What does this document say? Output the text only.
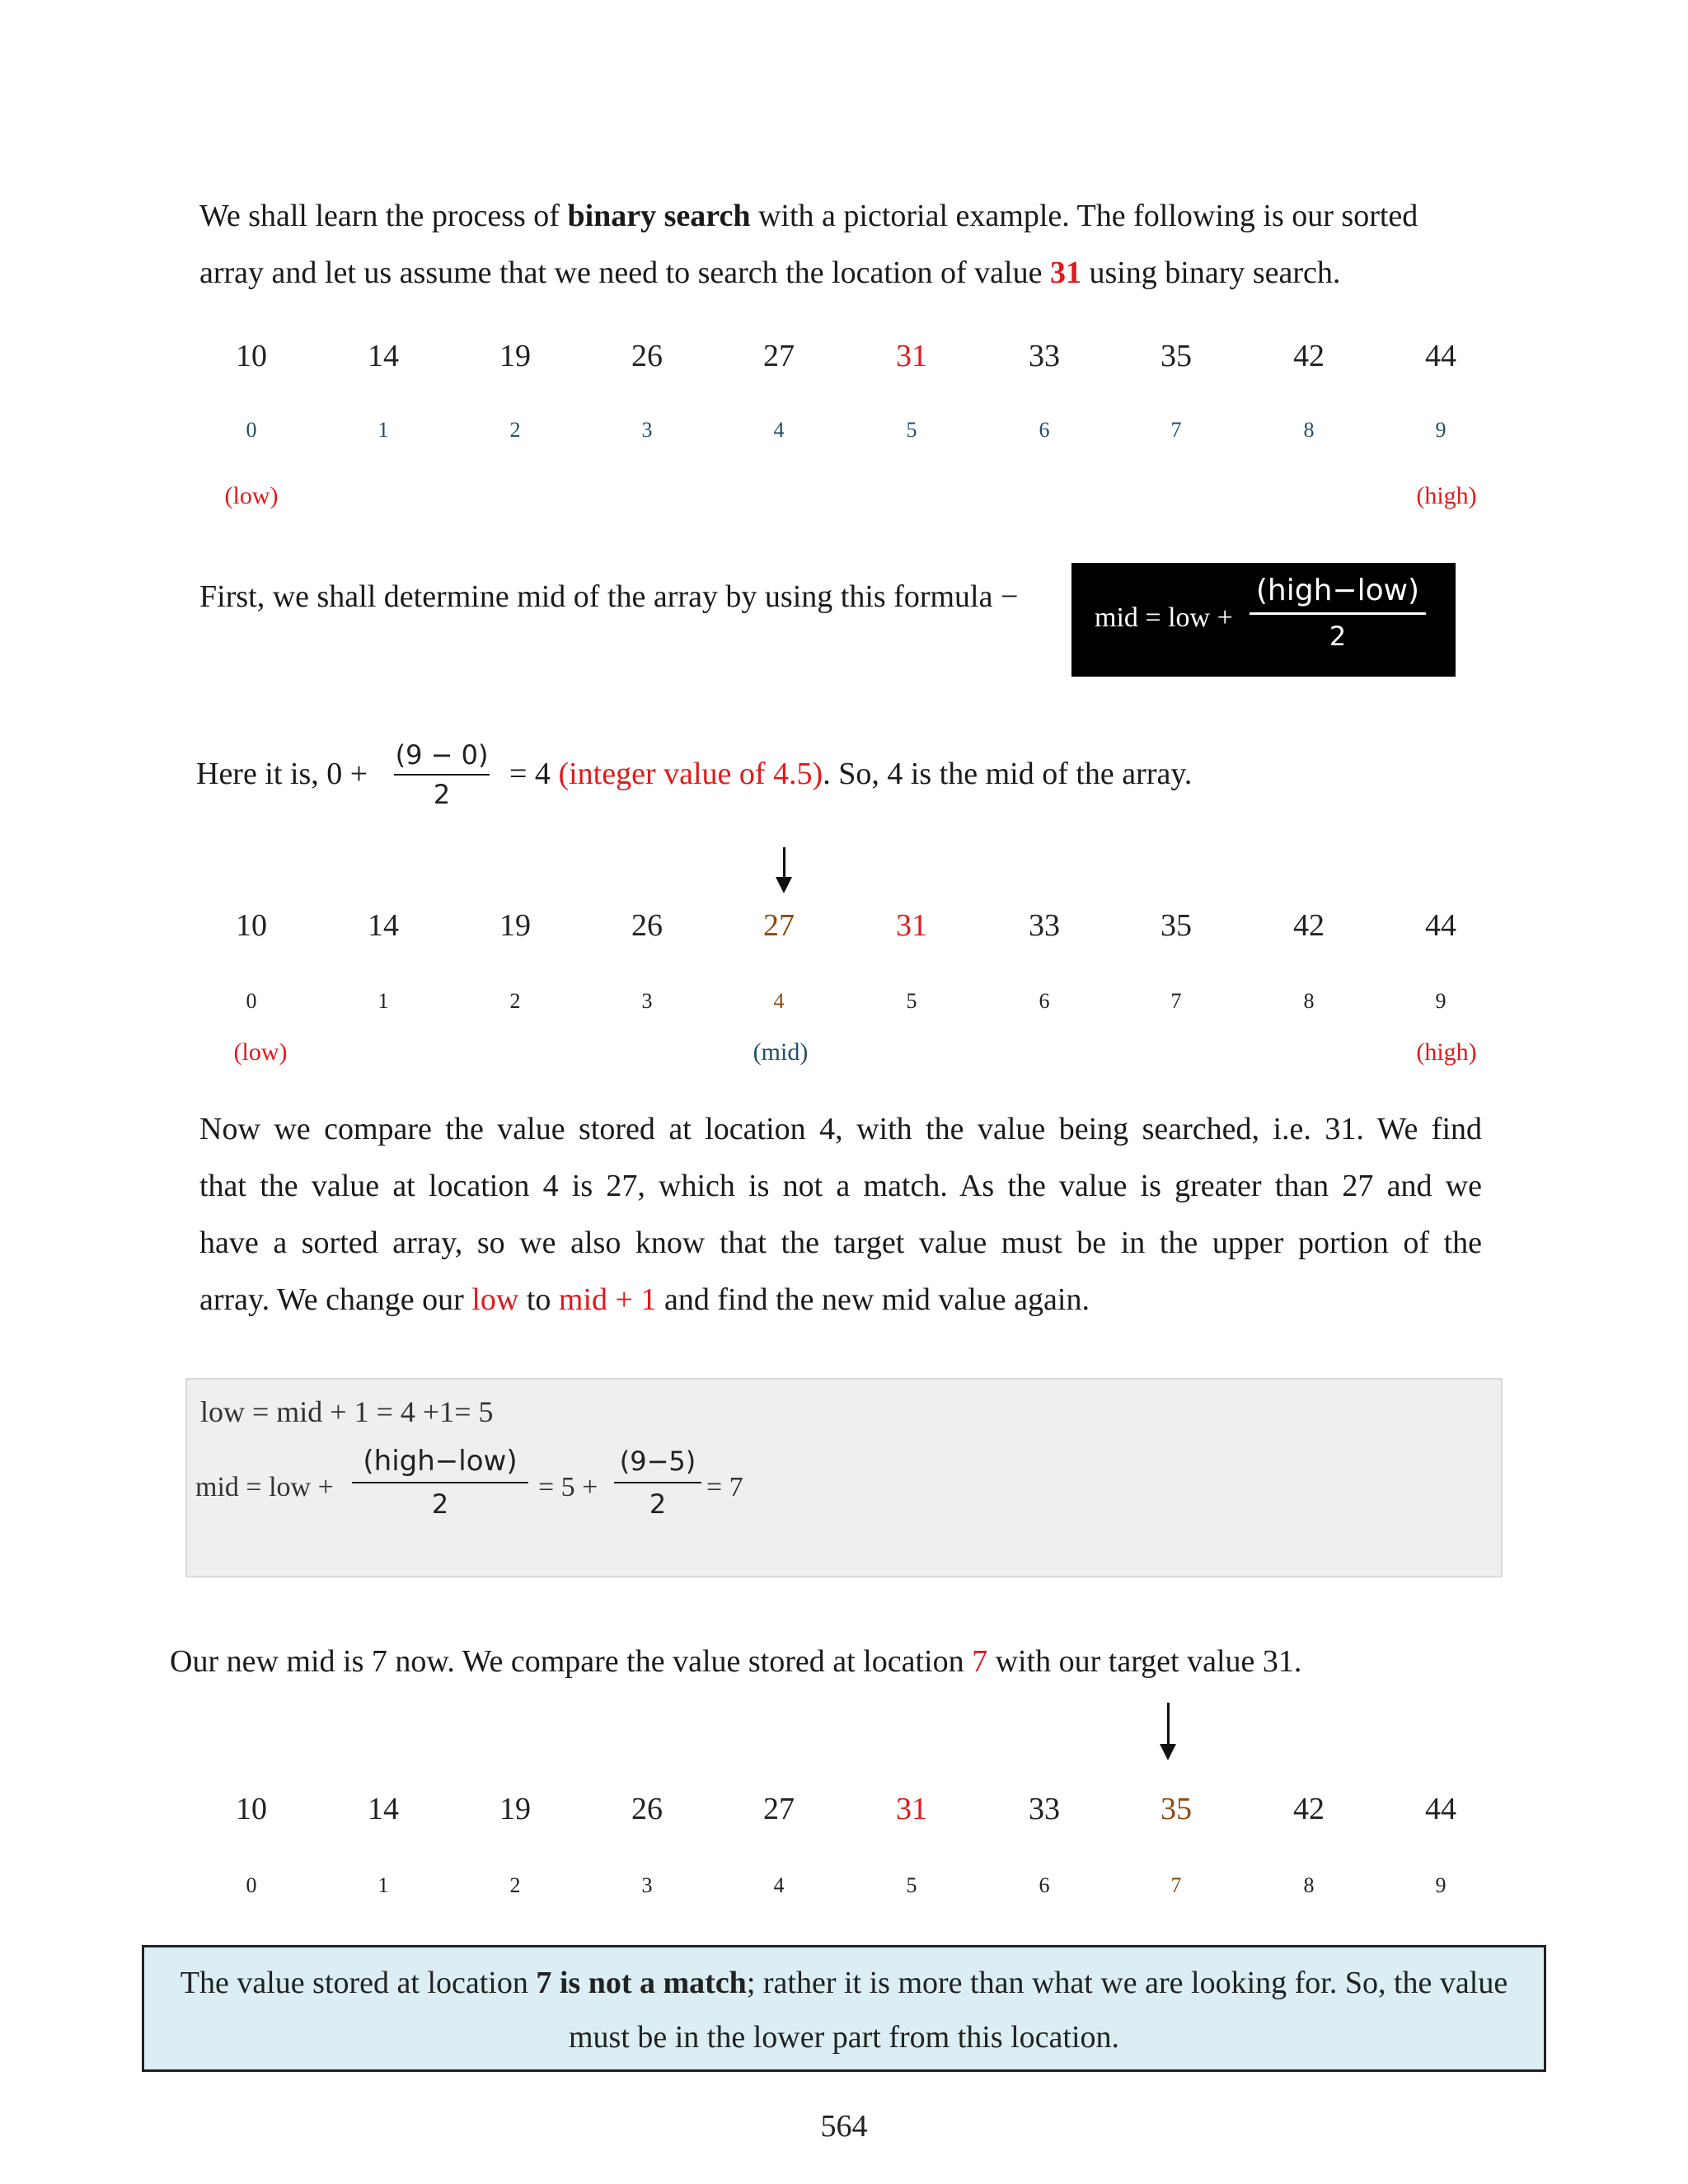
We shall learn the process of binary search with a pictorial example. The following is our sorted
array and let us assume that we need to search the location of value 31 using binary search.
10	14	19	26	27	31	33	35	42	44
0	1	2	3	4	5	6	7	8	9
(low)	(high)
First, we shall determine mid of the array by using this formula −
mid = low +
(high−low)
2
Here it is, 0 +
(9 − 0)
2
= 4 (integer value of 4.5). So, 4 is the mid of the array.
10	14	19	26	27	31	33	35	42	44
0	1	2	3	4	5	6	7	8	9
(low)	(mid)	(high)
Now we compare the value stored at location 4, with the value being searched, i.e. 31. We find
that the value at location 4 is 27, which is not a match. As the value is greater than 27 and we
have a sorted array, so we also know that the target value must be in the upper portion of the
array. We change our low to mid + 1 and find the new mid value again.
low = mid + 1 = 4 +1= 5
mid = low +
(high−low)
2
= 5 +
(9−5)
2
= 7
Our new mid is 7 now. We compare the value stored at location 7 with our target value 31.
10	14	19	26	27	31	33	35	42	44
0	1	2	3	4	5	6	7	8	9
The value stored at location 7 is not a match; rather it is more than what we are looking for. So, the value
must be in the lower part from this location.
564
